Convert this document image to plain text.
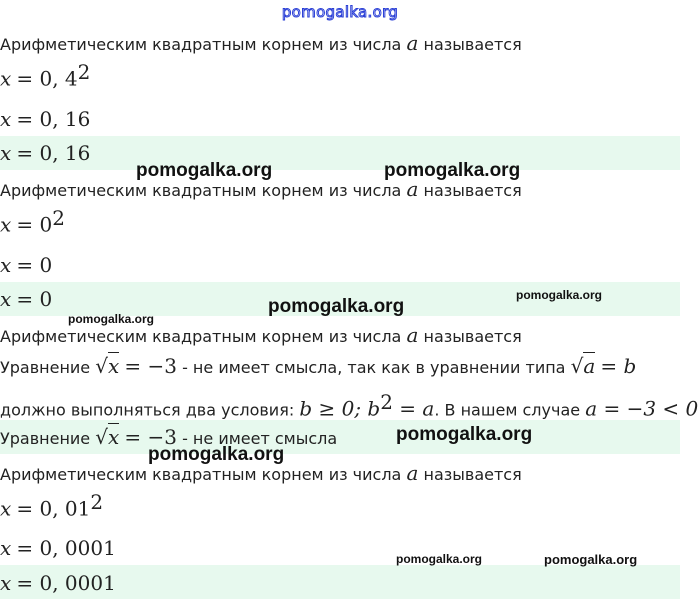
pomogalka.org
Арифметическим квадратным корнем из числа a называется
x = 0, $4^2$
x = 0, 16
x = 0, 16
Арифметическим квадратным корнем из числа a называется
$x = 0^2$
x = 0
x = 0
Арифметическим квадратным корнем из числа a называется
Уравнение √x = −3 - не имеет смысла, так как в уравнении типа √a = b
должно выполняться два условия: b ≥ 0; $b^2 = a$. В нашем случае a = −3 < 0
Уравнение √x = −3 - не имеет смысла
Арифметическим квадратным корнем из числа a называется
x = 0, $01^2$
x = 0, 0001
x = 0, 0001
pomogalka.org	pomogalka.org
pomogalka.org
pomogalka.org
pomogalka.org
pomogalka.org
pomogalka.org
pomogalka.org	pomogalka.org
